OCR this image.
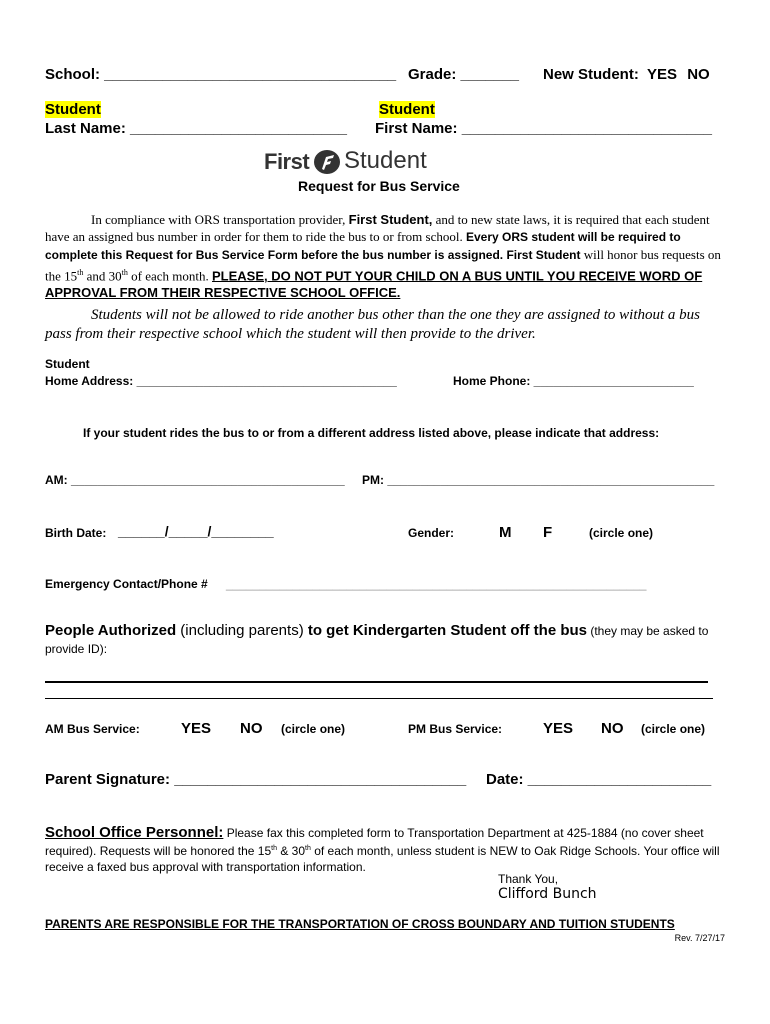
School: ___________________________________ Grade: _______ New Student: YES NO
Student
Last Name: __________________________
Student
First Name: ______________________________
First Student
Request for Bus Service
In compliance with ORS transportation provider, First Student, and to new state laws, it is required that each student have an assigned bus number in order for them to ride the bus to or from school. Every ORS student will be required to complete this Request for Bus Service Form before the bus number is assigned. First Student will honor bus requests on the 15th and 30th of each month. PLEASE, DO NOT PUT YOUR CHILD ON A BUS UNTIL YOU RECEIVE WORD OF APPROVAL FROM THEIR RESPECTIVE SCHOOL OFFICE.
Students will not be allowed to ride another bus other than the one they are assigned to without a bus pass from their respective school which the student will then provide to the driver.
Student
Home Address: _______________________________________	Home Phone: ________________________
If your student rides the bus to or from a different address listed above, please indicate that address:
AM: _________________________________________ PM: _________________________________________________
Birth Date: ______/_____/________	Gender:	M F	(circle one)
Emergency Contact/Phone # _______________________________________________________________
People Authorized (including parents) to get Kindergarten Student off the bus (they may be asked to provide ID):
AM Bus Service:	YES NO (circle one)	PM Bus Service:	YES NO (circle one)
Parent Signature: ___________________________________ Date: ______________________
School Office Personnel: Please fax this completed form to Transportation Department at 425-1884 (no cover sheet required). Requests will be honored the 15th & 30th of each month, unless student is NEW to Oak Ridge Schools. Your office will receive a faxed bus approval with transportation information.
Thank You,
Clifford Bunch
PARENTS ARE RESPONSIBLE FOR THE TRANSPORTATION OF CROSS BOUNDARY AND TUITION STUDENTS
Rev. 7/27/17
